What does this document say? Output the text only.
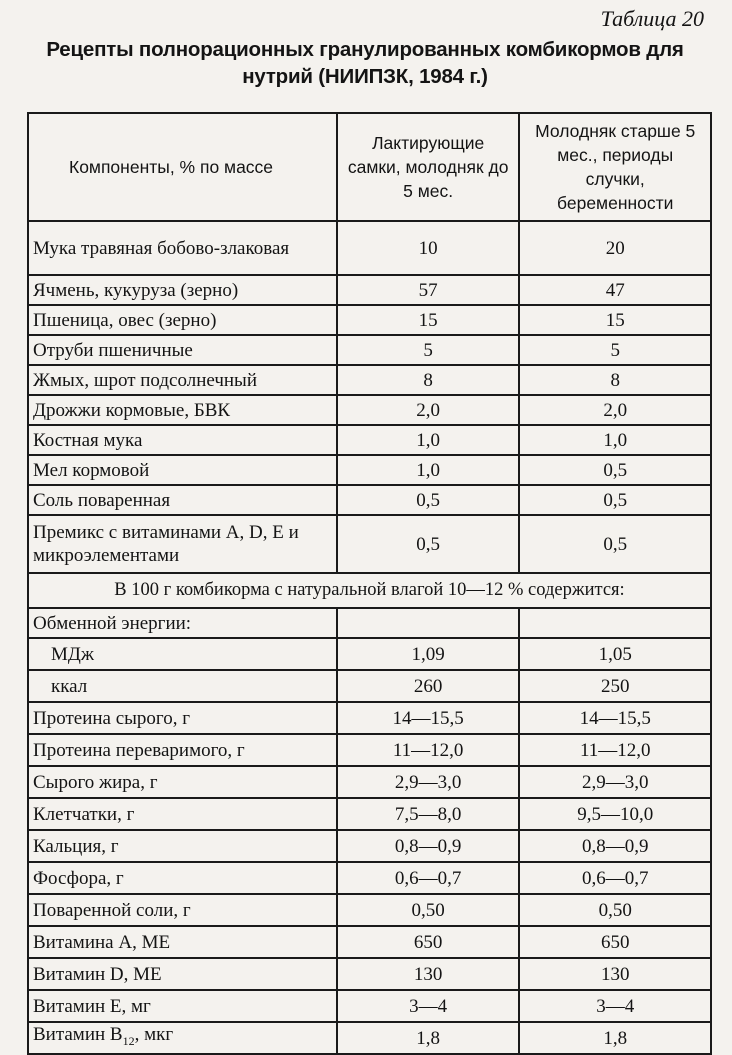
Таблица 20
Рецепты полнорационных гранулированных комбикормов для нутрий (НИИПЗК, 1984 г.)
Компоненты, % по массе	Лактирующие самки, молодняк до 5 мес.	Молодняк старше 5 мес., периоды случки, беременности
Мука травяная бобово-злаковая	10	20
Ячмень, кукуруза (зерно)	57	47
Пшеница, овес (зерно)	15	15
Отруби пшеничные	5	5
Жмых, шрот подсолнечный	8	8
Дрожжи кормовые, БВК	2,0	2,0
Костная мука	1,0	1,0
Мел кормовой	1,0	0,5
Соль поваренная	0,5	0,5
Премикс с витаминами A, D, E и микроэлементами	0,5	0,5
В 100 г комбикорма с натуральной влагой 10—12 % содержится:		
Обменной энергии:		
МДж	1,09	1,05
ккал	260	250
Протеина сырого, г	14—15,5	14—15,5
Протеина переваримого, г	11—12,0	11—12,0
Сырого жира, г	2,9—3,0	2,9—3,0
Клетчатки, г	7,5—8,0	9,5—10,0
Кальция, г	0,8—0,9	0,8—0,9
Фосфора, г	0,6—0,7	0,6—0,7
Поваренной соли, г	0,50	0,50
Витамина A, МЕ	650	650
Витамин D, МЕ	130	130
Витамин E, мг	3—4	3—4
Витамин $B_{12}$, мкг	1,8	1,8
